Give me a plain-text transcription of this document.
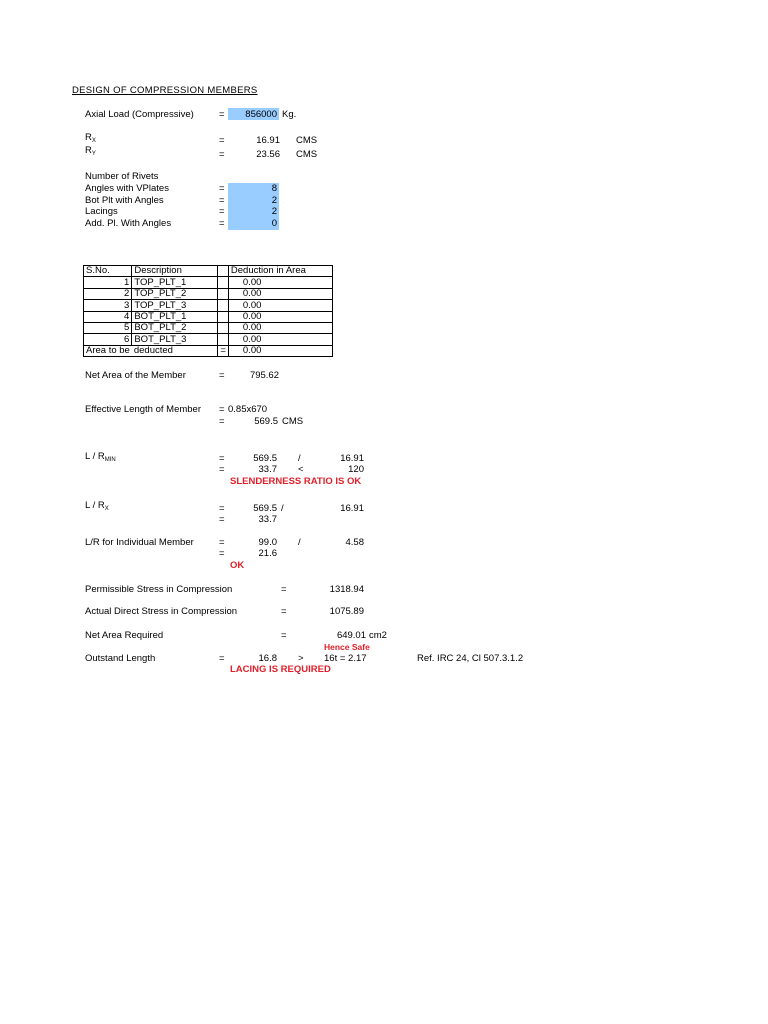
DESIGN OF COMPRESSION MEMBERS
Axial Load (Compressive)	=	856000 Kg.
$R_X$	=	16.91 CMS
$R_Y$	=	23.56 CMS
Number of Rivets
Angles with VPlates	=	8
Bot Plt with Angles	=	2
Lacings	=	2
Add. Pl. With Angles	=	0
S.No.	Description		Deduction in Area
1	TOP_PLT_1		0.00
2	TOP_PLT_2		0.00
3	TOP_PLT_3		0.00
4	BOT_PLT_1		0.00
5	BOT_PLT_2		0.00
6	BOT_PLT_3		0.00
Area to be	deducted	=	0.00
Net Area of the Member	=	795.62
Effective Length of Member = 0.85x670
=	569.5 CMS
L / $R_{MIN}$	=	569.5 /	16.91
=	33.7 <	120
SLENDERNESS RATIO IS OK
L / $R_X$	=	569.5 /	16.91
=	33.7
L/R for Individual Member	=	99.0 /	4.58
=	21.6
OK
Permissible Stress in Compression	=	1318.94
Actual Direct Stress in Compression	=	1075.89
Net Area Required	=	649.01 cm2
Hence Safe
Outstand Length	=	16.8 > 16t = 2.17	Ref. IRC 24, Cl 507.3.1.2
LACING IS REQUIRED
